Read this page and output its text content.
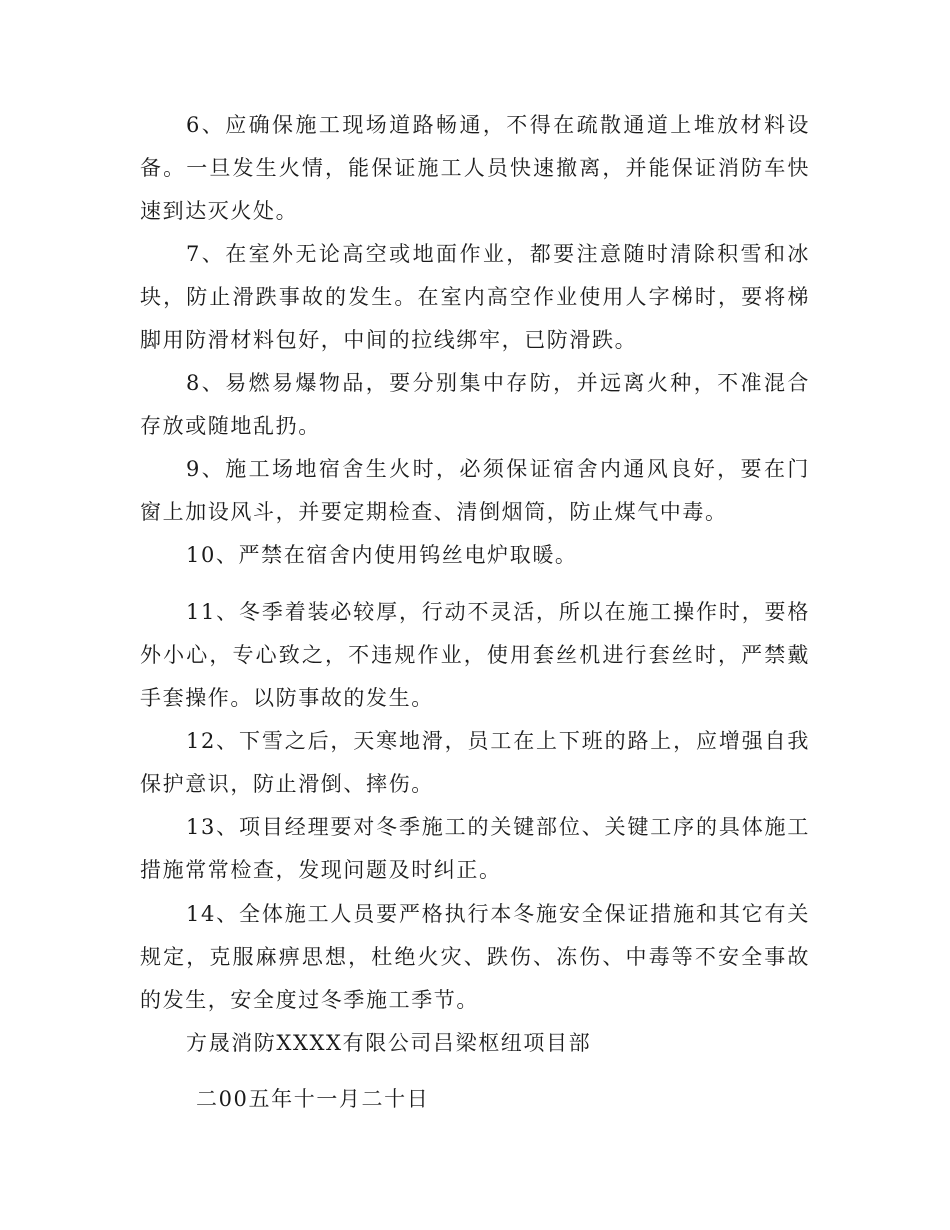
6、应确保施工现场道路畅通，不得在疏散通道上堆放材料设备。一旦发生火情，能保证施工人员快速撤离，并能保证消防车快速到达灭火处。

7、在室外无论高空或地面作业，都要注意随时清除积雪和冰块，防止滑跌事故的发生。在室内高空作业使用人字梯时，要将梯脚用防滑材料包好，中间的拉线绑牢，已防滑跌。

8、易燃易爆物品，要分别集中存防，并远离火种，不准混合存放或随地乱扔。

9、施工场地宿舍生火时，必须保证宿舍内通风良好，要在门窗上加设风斗，并要定期检查、清倒烟筒，防止煤气中毒。

10、严禁在宿舍内使用钨丝电炉取暖。

11、冬季着装必较厚，行动不灵活，所以在施工操作时，要格外小心，专心致之，不违规作业，使用套丝机进行套丝时，严禁戴手套操作。以防事故的发生。

12、下雪之后，天寒地滑，员工在上下班的路上，应增强自我保护意识，防止滑倒、摔伤。

13、项目经理要对冬季施工的关键部位、关键工序的具体施工措施常常检查，发现问题及时纠正。

14、全体施工人员要严格执行本冬施安全保证措施和其它有关规定，克服麻痹思想，杜绝火灾、跌伤、冻伤、中毒等不安全事故的发生，安全度过冬季施工季节。

方晟消防XXXX有限公司吕梁枢纽项目部

二00五年十一月二十日
